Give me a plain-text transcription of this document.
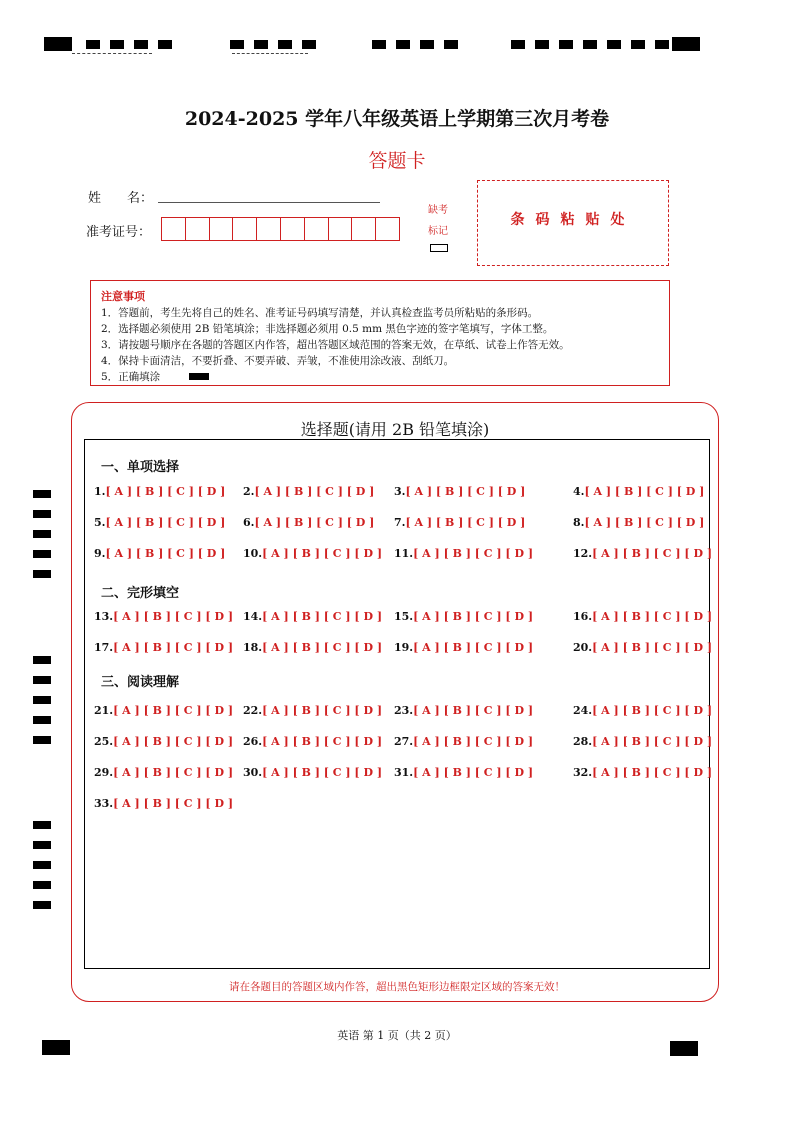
2024-2025 学年八年级英语上学期第三次月考卷
答题卡
姓　　名：
准考证号：
缺考
标记
条码粘贴处
注意事项
1．答题前，考生先将自己的姓名、准考证号码填写清楚，并认真检查监考员所粘贴的条形码。
2．选择题必须使用 2B 铅笔填涂；非选择题必须用 0.5 mm 黑色字迹的签字笔填写，字体工整。
3．请按题号顺序在各题的答题区内作答，超出答题区域范围的答案无效，在草纸、试卷上作答无效。
4．保持卡面清洁，不要折叠、不要弄破、弄皱，不准使用涂改液、刮纸刀。
5．正确填涂
选择题(请用 2B 铅笔填涂)
一、单项选择
二、完形填空
三、阅读理解
1.[ A ] [ B ] [ C ] [ D ] 2.[ A ] [ B ] [ C ] [ D ] 3.[ A ] [ B ] [ C ] [ D ]	4.[ A ] [ B ] [ C ] [ D ]
5.[ A ] [ B ] [ C ] [ D ] 6.[ A ] [ B ] [ C ] [ D ] 7.[ A ] [ B ] [ C ] [ D ]	8.[ A ] [ B ] [ C ] [ D ]
9.[ A ] [ B ] [ C ] [ D ] 10.[ A ] [ B ] [ C ] [ D ] 11.[ A ] [ B ] [ C ] [ D ]	12.[ A ] [ B ] [ C ] [ D ]
13.[ A ] [ B ] [ C ] [ D ] 14.[ A ] [ B ] [ C ] [ D ] 15.[ A ] [ B ] [ C ] [ D ]	16.[ A ] [ B ] [ C ] [ D ]
17.[ A ] [ B ] [ C ] [ D ] 18.[ A ] [ B ] [ C ] [ D ] 19.[ A ] [ B ] [ C ] [ D ]	20.[ A ] [ B ] [ C ] [ D ]
21.[ A ] [ B ] [ C ] [ D ] 22.[ A ] [ B ] [ C ] [ D ] 23.[ A ] [ B ] [ C ] [ D ]	24.[ A ] [ B ] [ C ] [ D ]
25.[ A ] [ B ] [ C ] [ D ] 26.[ A ] [ B ] [ C ] [ D ] 27.[ A ] [ B ] [ C ] [ D ]	28.[ A ] [ B ] [ C ] [ D ]
29.[ A ] [ B ] [ C ] [ D ] 30.[ A ] [ B ] [ C ] [ D ] 31.[ A ] [ B ] [ C ] [ D ]	32.[ A ] [ B ] [ C ] [ D ]
33.[ A ] [ B ] [ C ] [ D ]
请在各题目的答题区域内作答，超出黑色矩形边框限定区域的答案无效！
英语 第 1 页（共 2 页）
